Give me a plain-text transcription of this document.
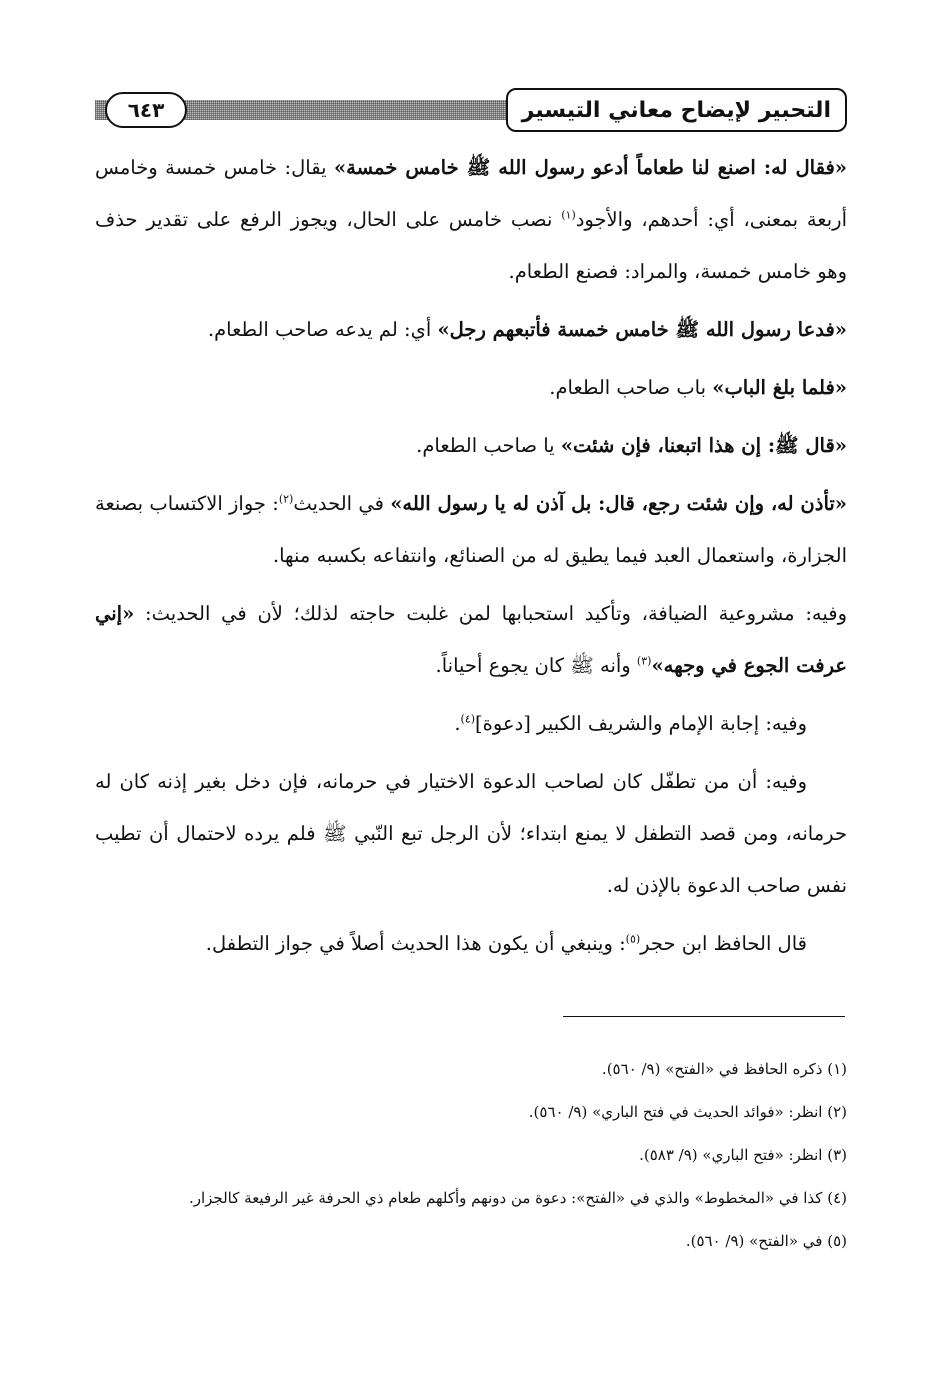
التحبير لإيضاح معاني التيسير
٦٤٣

«فقال له: اصنع لنا طعاماً أدعو رسول الله ﷺ خامس خمسة» يقال: خامس خمسة وخامس أربعة بمعنى، أي: أحدهم، والأجود$^{(١)}$ نصب خامس على الحال، ويجوز الرفع على تقدير حذف وهو خامس خمسة، والمراد: فصنع الطعام.

«فدعا رسول الله ﷺ خامس خمسة فأتبعهم رجل» أي: لم يدعه صاحب الطعام.

«فلما بلغ الباب» باب صاحب الطعام.

«قال ﷺ: إن هذا اتبعنا، فإن شئت» يا صاحب الطعام.

«تأذن له، وإن شئت رجع، قال: بل آذن له يا رسول الله» في الحديث$^{(٢)}$: جواز الاكتساب بصنعة الجزارة، واستعمال العبد فيما يطيق له من الصنائع، وانتفاعه بكسبه منها.

وفيه: مشروعية الضيافة، وتأكيد استحبابها لمن غلبت حاجته لذلك؛ لأن في الحديث: «إني عرفت الجوع في وجهه»$^{(٣)}$ وأنه ﷺ كان يجوع أحياناً.

وفيه: إجابة الإمام والشريف الكبير [دعوة]$^{(٤)}$.

وفيه: أن من تطفّل كان لصاحب الدعوة الاختيار في حرمانه، فإن دخل بغير إذنه كان له حرمانه، ومن قصد التطفل لا يمنع ابتداء؛ لأن الرجل تبع النّبي ﷺ فلم يرده لاحتمال أن تطيب نفس صاحب الدعوة بالإذن له.

قال الحافظ ابن حجر$^{(٥)}$: وينبغي أن يكون هذا الحديث أصلاً في جواز التطفل.

(١) ذكره الحافظ في «الفتح» (٩/ ٥٦٠).

(٢) انظر: «فوائد الحديث في فتح الباري» (٩/ ٥٦٠).

(٣) انظر: «فتح الباري» (٩/ ٥٨٣).

(٤) كذا في «المخطوط» والذي في «الفتح»: دعوة من دونهم وأكلهم طعام ذي الحرفة غير الرفيعة كالجزار.

(٥) في «الفتح» (٩/ ٥٦٠).
